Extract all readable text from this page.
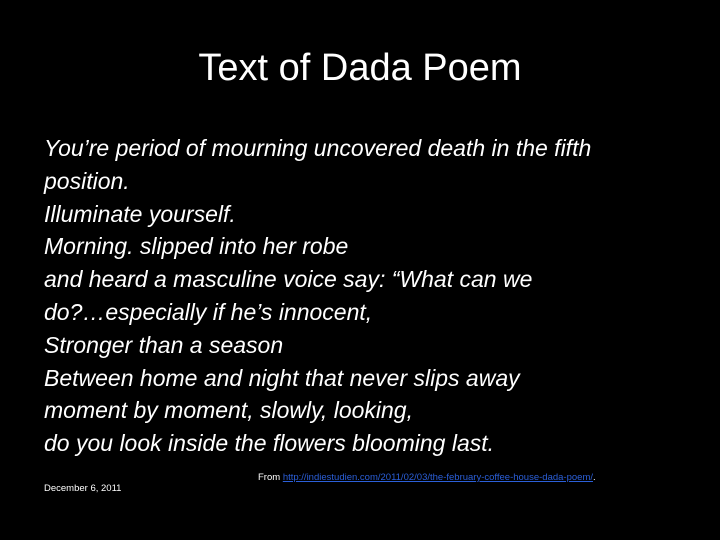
Text of Dada Poem
You’re period of mourning uncovered death in the fifth
position.
Illuminate yourself.
Morning. slipped into her robe
and heard a masculine voice say: “What can we
do?…especially if he’s innocent,
Stronger than a season
Between home and night that never slips away
moment by moment, slowly, looking,
do you look inside the flowers blooming last.
December 6, 2011
From http://indiestudien.com/2011/02/03/the-february-coffee-house-dada-poem/.
